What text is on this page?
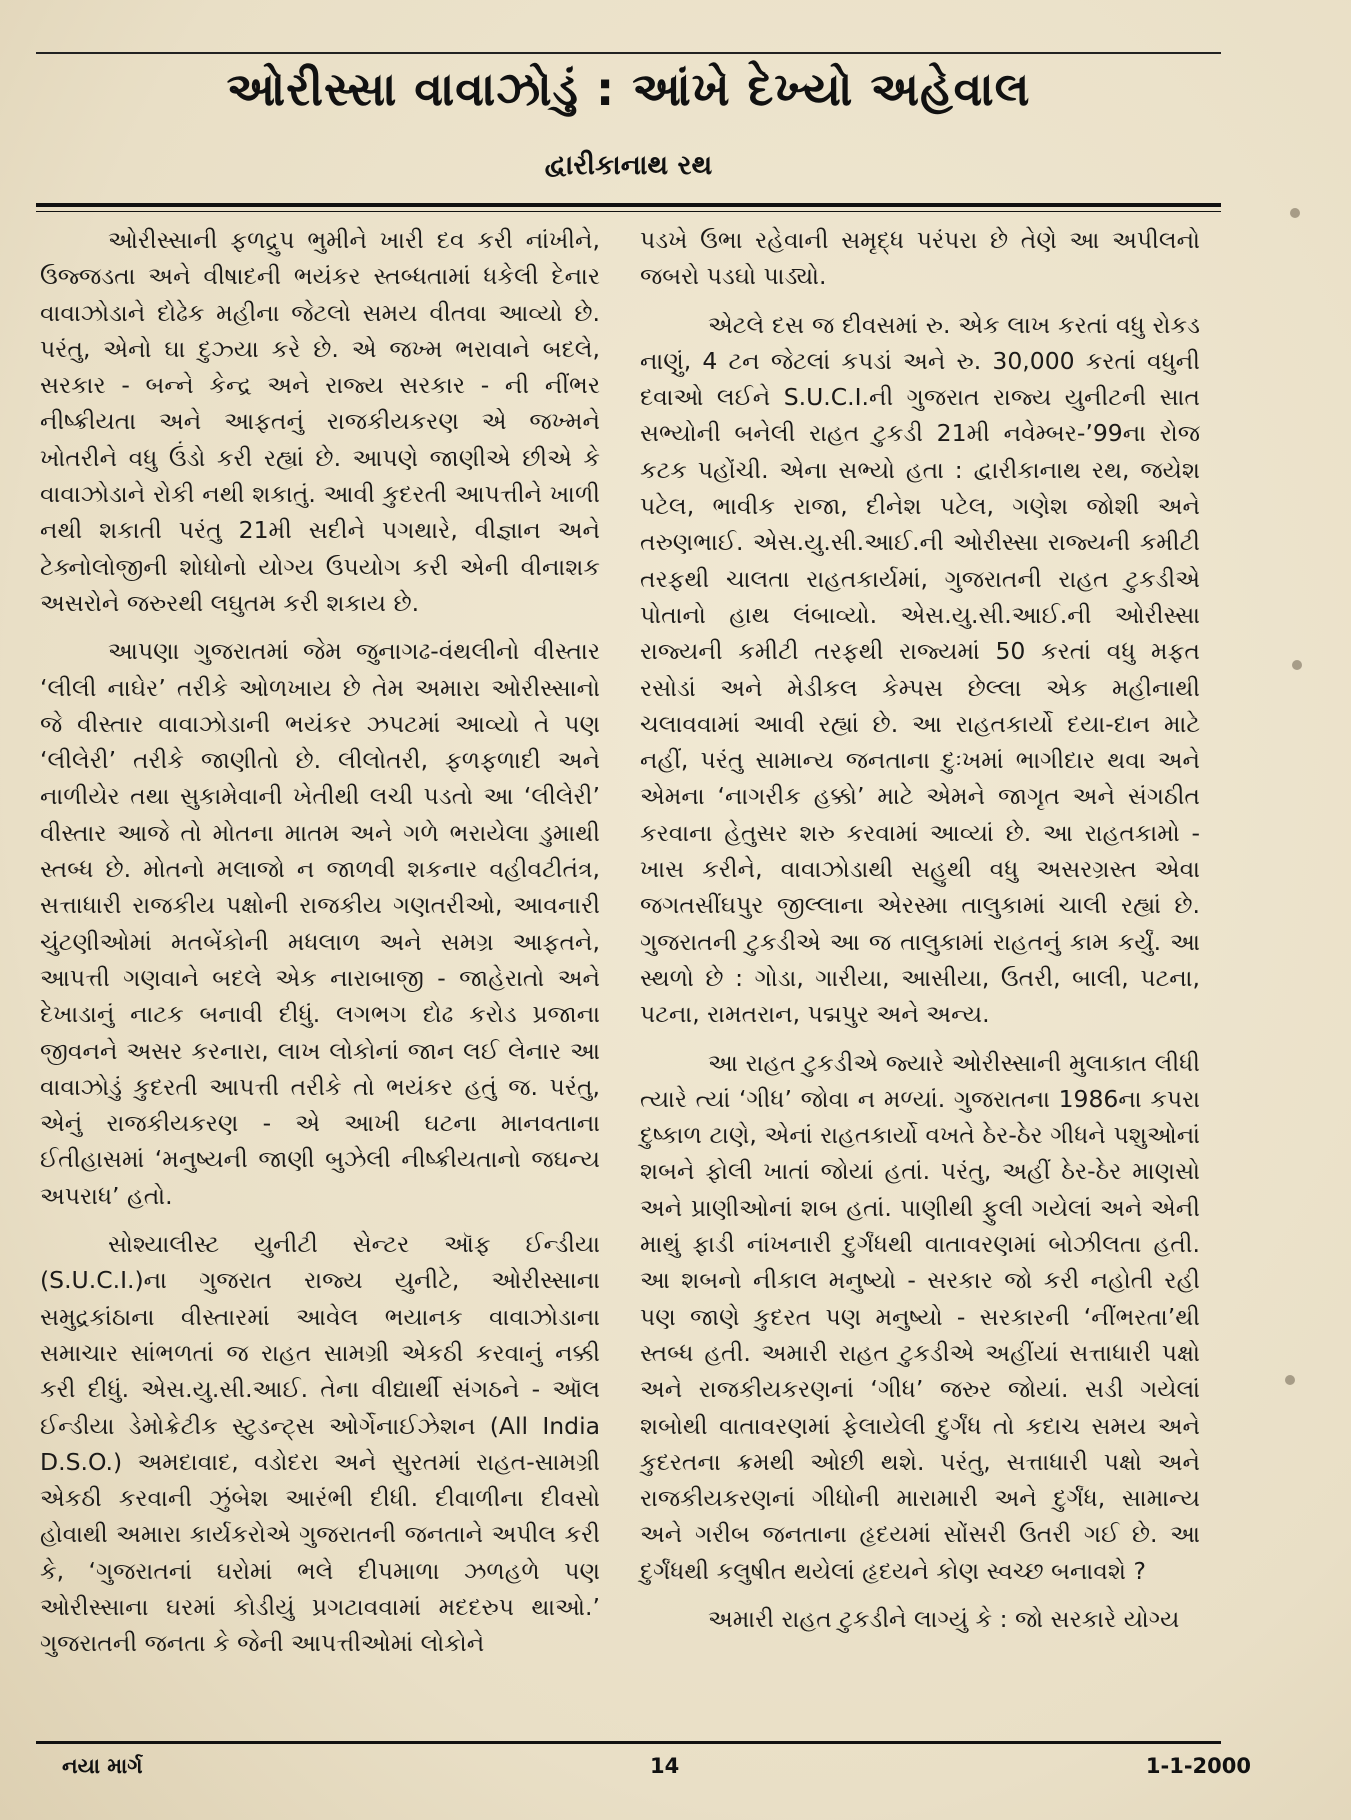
ઓરીસ્સા વાવાઝોડું : આંખે દેખ્યો અહેવાલ
દ્વારીકાનાથ રથ

ઓરીસ્સાની ફળદ્રુપ ભુમીને ખારી દવ કરી નાંખીને, ઉજ્જડતા અને વીષાદની ભયંકર સ્તબ્ધતામાં ધકેલી દેનાર વાવાઝોડાને દોઢેક મહીના જેટલો સમય વીતવા આવ્યો છે. પરંતુ, એનો ઘા દુઝ્યા કરે છે. એ જખ્મ ભરાવાને બદલે, સરકાર - બન્ને કેન્દ્ર અને રાજ્ય સરકાર - ની નીંભર નીષ્ક્રીયતા અને આફતનું રાજકીયકરણ એ જખ્મને ખોતરીને વધુ ઉંડો કરી રહ્યાં છે. આપણે જાણીએ છીએ કે વાવાઝોડાને રોકી નથી શકાતું. આવી કુદરતી આપત્તીને ખાળી નથી શકાતી પરંતુ 21મી સદીને પગથારે, વીજ્ઞાન અને ટેક્નોલોજીની શોધોનો યોગ્ય ઉપયોગ કરી એની વીનાશક અસરોને જરુરથી લઘુતમ કરી શકાય છે.

આપણા ગુજરાતમાં જેમ જુનાગઢ-વંથલીનો વીસ્તાર ‘લીલી નાઘેર’ તરીકે ઓળખાય છે તેમ અમારા ઓરીસ્સાનો જે વીસ્તાર વાવાઝોડાની ભયંકર ઝપટમાં આવ્યો તે પણ ‘લીલેરી’ તરીકે જાણીતો છે. લીલોતરી, ફળફળાદી અને નાળીયેર તથા સુકામેવાની ખેતીથી લચી પડતો આ ‘લીલેરી’ વીસ્તાર આજે તો મોતના માતમ અને ગળે ભરાયેલા ડુમાથી સ્તબ્ધ છે. મોતનો મલાજો ન જાળવી શકનાર વહીવટીતંત્ર, સત્તાધારી રાજકીય પક્ષોની રાજકીય ગણતરીઓ, આવનારી ચુંટણીઓમાં મતબેંકોની મધલાળ અને સમગ્ર આફતને, આપત્તી ગણવાને બદલે એક નારાબાજી - જાહેરાતો અને દેખાડાનું નાટક બનાવી દીધું. લગભગ દોઢ કરોડ પ્રજાના જીવનને અસર કરનારા, લાખ લોકોનાં જાન લઈ લેનાર આ વાવાઝોડું કુદરતી આપત્તી તરીકે તો ભયંકર હતું જ. પરંતુ, એનું રાજકીયકરણ - એ આખી ઘટના માનવતાના ઈતીહાસમાં ‘મનુષ્યની જાણી બુઝેલી નીષ્ક્રીયતાનો જઘન્ય અપરાધ’ હતો.

સોશ્યાલીસ્ટ યુનીટી સેન્ટર ઑફ ઈન્ડીયા (S.U.C.I.)ના ગુજરાત રાજ્ય યુનીટે, ઓરીસ્સાના સમુદ્રકાંઠાના વીસ્તારમાં આવેલ ભયાનક વાવાઝોડાના સમાચાર સાંભળતાં જ રાહત સામગ્રી એકઠી કરવાનું નક્કી કરી દીધું. એસ.યુ.સી.આઈ. તેના વીદ્યાર્થી સંગઠને - ઑલ ઈન્ડીયા ડેમોક્રેટીક સ્ટુડન્ટ્સ ઓર્ગેનાઈઝેશન (All India D.S.O.) અમદાવાદ, વડોદરા અને સુરતમાં રાહત-સામગ્રી એકઠી કરવાની ઝુંબેશ આરંભી દીધી. દીવાળીના દીવસો હોવાથી અમારા કાર્યકરોએ ગુજરાતની જનતાને અપીલ કરી કે, ‘ગુજરાતનાં ઘરોમાં ભલે દીપમાળા ઝળહળે પણ ઓરીસ્સાના ઘરમાં કોડીયું પ્રગટાવવામાં મદદરુપ થાઓ.’ ગુજરાતની જનતા કે જેની આપત્તીઓમાં લોકોને

પડખે ઉભા રહેવાની સમૃદ્ધ પરંપરા છે તેણે આ અપીલનો જબરો પડઘો પાડ્યો.

એટલે દસ જ દીવસમાં રુ. એક લાખ કરતાં વધુ રોકડ નાણું, 4 ટન જેટલાં કપડાં અને રુ. 30,000 કરતાં વધુની દવાઓ લઈને S.U.C.I.ની ગુજરાત રાજ્ય યુનીટની સાત સભ્યોની બનેલી રાહત ટુકડી 21મી નવેમ્બર-’99ના રોજ કટક પહોંચી. એના સભ્યો હતા : દ્વારીકાનાથ રથ, જયેશ પટેલ, ભાવીક રાજા, દીનેશ પટેલ, ગણેશ જોશી અને તરુણભાઈ. એસ.યુ.સી.આઈ.ની ઓરીસ્સા રાજ્યની કમીટી તરફથી ચાલતા રાહતકાર્યમાં, ગુજરાતની રાહત ટુકડીએ પોતાનો હાથ લંબાવ્યો. એસ.યુ.સી.આઈ.ની ઓરીસ્સા રાજ્યની કમીટી તરફથી રાજ્યમાં 50 કરતાં વધુ મફત રસોડાં અને મેડીકલ કેમ્પસ છેલ્લા એક મહીનાથી ચલાવવામાં આવી રહ્યાં છે. આ રાહતકાર્યો દયા-દાન માટે નહીં, પરંતુ સામાન્ય જનતાના દુઃખમાં ભાગીદાર થવા અને એમના ‘નાગરીક હક્કો’ માટે એમને જાગૃત અને સંગઠીત કરવાના હેતુસર શરુ કરવામાં આવ્યાં છે. આ રાહતકામો - ખાસ કરીને, વાવાઝોડાથી સહુથી વધુ અસરગ્રસ્ત એવા જગતસીંઘપુર જીલ્લાના એરસ્મા તાલુકામાં ચાલી રહ્યાં છે. ગુજરાતની ટુકડીએ આ જ તાલુકામાં રાહતનું કામ કર્યું. આ સ્થળો છે : ગોડા, ગારીયા, આસીયા, ઉતરી, બાલી, પટના, પટના, રામતરાન, પદ્મપુર અને અન્ય.

આ રાહત ટુકડીએ જ્યારે ઓરીસ્સાની મુલાકાત લીધી ત્યારે ત્યાં ‘ગીધ’ જોવા ન મળ્યાં. ગુજરાતના 1986ના કપરા દુષ્કાળ ટાણે, એનાં રાહતકાર્યો વખતે ઠેર-ઠેર ગીધને પશુઓનાં શબને ફોલી ખાતાં જોયાં હતાં. પરંતુ, અહીં ઠેર-ઠેર માણસો અને પ્રાણીઓનાં શબ હતાં. પાણીથી ફુલી ગયેલાં અને એની માથું ફાડી નાંખનારી દુર્ગંધથી વાતાવરણમાં બોઝીલતા હતી. આ શબનો નીકાલ મનુષ્યો - સરકાર જો કરી નહોતી રહી પણ જાણે કુદરત પણ મનુષ્યો - સરકારની ‘નીંભરતા’થી સ્તબ્ધ હતી. અમારી રાહત ટુકડીએ અહીંયાં સત્તાધારી પક્ષો અને રાજકીયકરણનાં ‘ગીધ’ જરુર જોયાં. સડી ગયેલાં શબોથી વાતાવરણમાં ફેલાયેલી દુર્ગંધ તો કદાચ સમય અને કુદરતના ક્રમથી ઓછી થશે. પરંતુ, સત્તાધારી પક્ષો અને રાજકીયકરણનાં ગીધોની મારામારી અને દુર્ગંધ, સામાન્ય અને ગરીબ જનતાના હૃદયમાં સોંસરી ઉતરી ગઈ છે. આ દુર્ગંધથી કલુષીત થયેલાં હૃદયને કોણ સ્વચ્છ બનાવશે ?

અમારી રાહત ટુકડીને લાગ્યું કે : જો સરકારે યોગ્ય

નયા માર્ગ	14	1-1-2000
